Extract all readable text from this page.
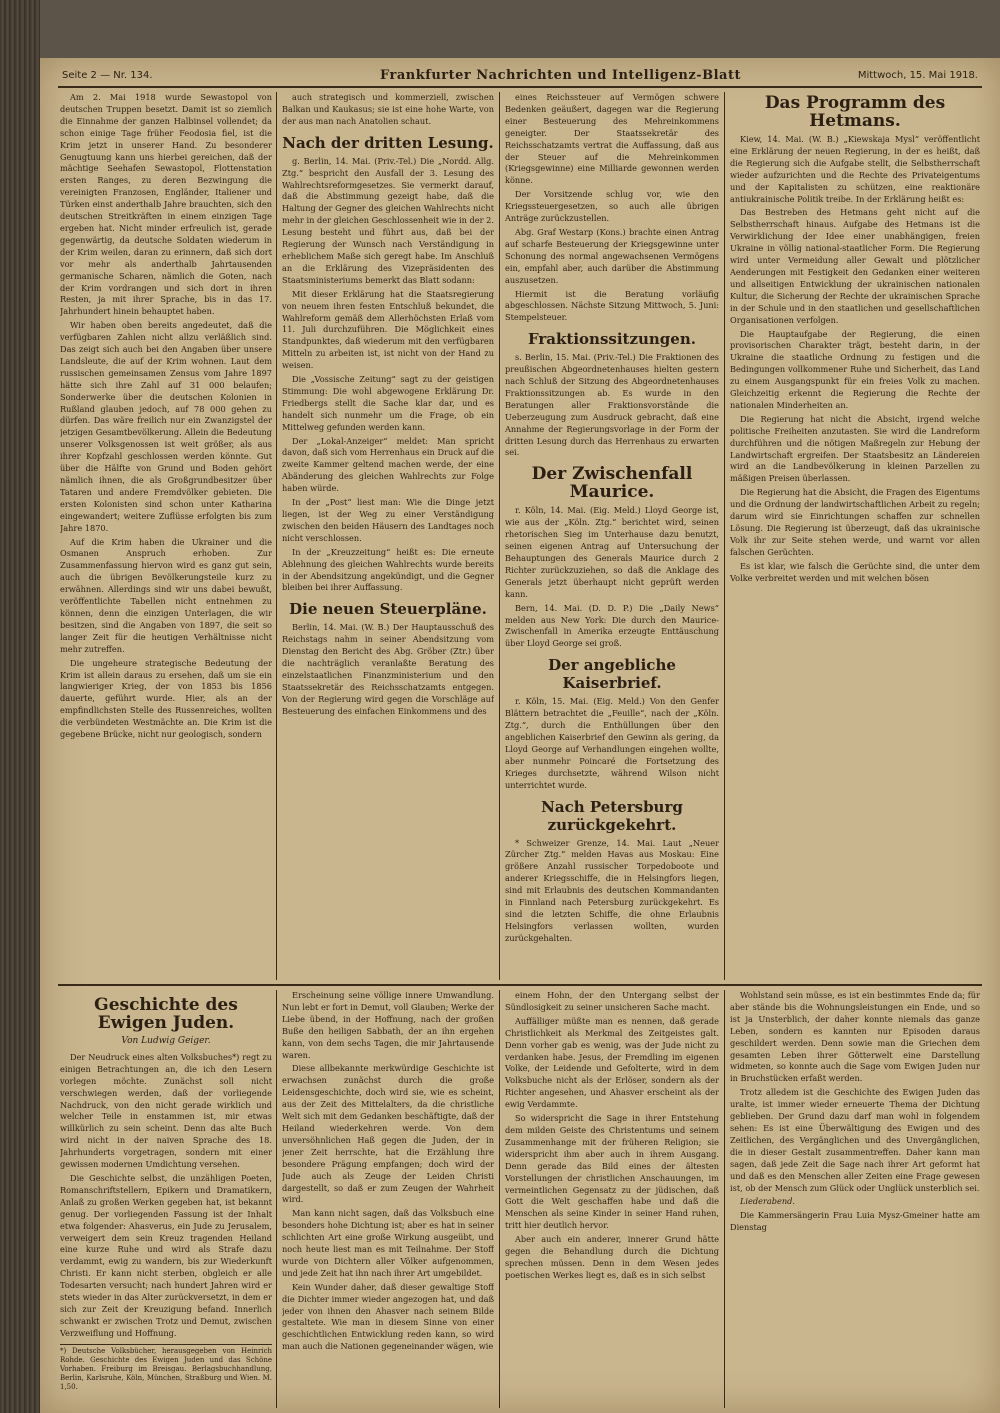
Seite 2 — Nr. 134.	Frankfurter Nachrichten und Intelligenz-Blatt	Mittwoch, 15. Mai 1918.

Am 2. Mai 1918 wurde Sewastopol von deutschen Truppen besetzt. Damit ist so ziemlich die Einnahme der ganzen Halbinsel vollendet; da schon einige Tage früher Feodosia fiel, ist die Krim jetzt in unserer Hand. Zu besonderer Genugtuung kann uns hierbei gereichen, daß der mächtige Seehafen Sewastopol, Flottenstation ersten Ranges, zu deren Bezwingung die vereinigten Franzosen, Engländer, Italiener und Türken einst anderthalb Jahre brauchten, sich den deutschen Streitkräften in einem einzigen Tage ergeben hat. Nicht minder erfreulich ist, gerade gegenwärtig, da deutsche Soldaten wiederum in der Krim weilen, daran zu erinnern, daß sich dort vor mehr als anderthalb Jahrtausenden germanische Scharen, nämlich die Goten, nach der Krim vordrangen und sich dort in ihren Resten, ja mit ihrer Sprache, bis in das 17. Jahrhundert hinein behauptet haben.

Wir haben oben bereits angedeutet, daß die verfügbaren Zahlen nicht allzu verläßlich sind. Das zeigt sich auch bei den Angaben über unsere Landsleute, die auf der Krim wohnen. Laut dem russischen gemeinsamen Zensus vom Jahre 1897 hätte sich ihre Zahl auf 31 000 belaufen; Sonderwerke über die deutschen Kolonien in Rußland glauben jedoch, auf 78 000 gehen zu dürfen. Das wäre freilich nur ein Zwanzigstel der jetzigen Gesamtbevölkerung. Allein die Bedeutung unserer Volksgenossen ist weit größer, als aus ihrer Kopfzahl geschlossen werden könnte. Gut über die Hälfte von Grund und Boden gehört nämlich ihnen, die als Großgrundbesitzer über Tataren und andere Fremdvölker gebieten. Die ersten Kolonisten sind schon unter Katharina eingewandert; weitere Zuflüsse erfolgten bis zum Jahre 1870.

Auf die Krim haben die Ukrainer und die Osmanen Anspruch erhoben. Zur Zusammenfassung hiervon wird es ganz gut sein, auch die übrigen Bevölkerungsteile kurz zu erwähnen. Allerdings sind wir uns dabei bewußt, veröffentlichte Tabellen nicht entnehmen zu können, denn die einzigen Unterlagen, die wir besitzen, sind die Angaben von 1897, die seit so langer Zeit für die heutigen Verhältnisse nicht mehr zutreffen.

Die ungeheure strategische Bedeutung der Krim ist allein daraus zu ersehen, daß um sie ein langwieriger Krieg, der von 1853 bis 1856 dauerte, geführt wurde. Hier, als an der empfindlichsten Stelle des Russenreiches, wollten die verbündeten Westmächte an. Die Krim ist die gegebene Brücke, nicht nur geologisch, sondern

auch strategisch und kommerziell, zwischen Balkan und Kaukasus; sie ist eine hohe Warte, von der aus man nach Anatolien schaut.

Nach der dritten Lesung.

g. Berlin, 14. Mai. (Priv.-Tel.) Die „Nordd. Allg. Ztg.“ bespricht den Ausfall der 3. Lesung des Wahlrechtsreformgesetzes. Sie vermerkt darauf, daß die Abstimmung gezeigt habe, daß die Haltung der Gegner des gleichen Wahlrechts nicht mehr in der gleichen Geschlossenheit wie in der 2. Lesung besteht und führt aus, daß bei der Regierung der Wunsch nach Verständigung in erheblichem Maße sich geregt habe. Im Anschluß an die Erklärung des Vizepräsidenten des Staatsministeriums bemerkt das Blatt sodann:

Mit dieser Erklärung hat die Staatsregierung von neuem ihren festen Entschluß bekundet, die Wahlreform gemäß dem Allerhöchsten Erlaß vom 11. Juli durchzuführen. Die Möglichkeit eines Standpunktes, daß wiederum mit den verfügbaren Mitteln zu arbeiten ist, ist nicht von der Hand zu weisen.

Die „Vossische Zeitung“ sagt zu der geistigen Stimmung: Die wohl abgewogene Erklärung Dr. Friedbergs stellt die Sache klar dar, und es handelt sich nunmehr um die Frage, ob ein Mittelweg gefunden werden kann.

Der „Lokal-Anzeiger“ meldet: Man spricht davon, daß sich vom Herrenhaus ein Druck auf die zweite Kammer geltend machen werde, der eine Abänderung des gleichen Wahlrechts zur Folge haben würde.

In der „Post“ liest man: Wie die Dinge jetzt liegen, ist der Weg zu einer Verständigung zwischen den beiden Häusern des Landtages noch nicht verschlossen.

In der „Kreuzzeitung“ heißt es: Die erneute Ablehnung des gleichen Wahlrechts wurde bereits in der Abendsitzung angekündigt, und die Gegner bleiben bei ihrer Auffassung.

Die neuen Steuerpläne.

Berlin, 14. Mai. (W. B.) Der Hauptausschuß des Reichstags nahm in seiner Abendsitzung vom Dienstag den Bericht des Abg. Gröber (Ztr.) über die nachträglich veranlaßte Beratung des einzelstaatlichen Finanzministerium und den Staatssekretär des Reichsschatzamts entgegen. Von der Regierung wird gegen die Vorschläge auf Besteuerung des einfachen Einkommens und des

eines Reichssteuer auf Vermögen schwere Bedenken geäußert, dagegen war die Regierung einer Besteuerung des Mehreinkommens geneigter. Der Staatssekretär des Reichsschatzamts vertrat die Auffassung, daß aus der Steuer auf die Mehreinkommen (Kriegsgewinne) eine Milliarde gewonnen werden könne.

Der Vorsitzende schlug vor, wie den Kriegssteuergesetzen, so auch alle übrigen Anträge zurückzustellen.

Abg. Graf Westarp (Kons.) brachte einen Antrag auf scharfe Besteuerung der Kriegsgewinne unter Schonung des normal angewachsenen Vermögens ein, empfahl aber, auch darüber die Abstimmung auszusetzen.

Hiermit ist die Beratung vorläufig abgeschlossen. Nächste Sitzung Mittwoch, 5. Juni: Stempelsteuer.

Fraktionssitzungen.

s. Berlin, 15. Mai. (Priv.-Tel.) Die Fraktionen des preußischen Abgeordnetenhauses hielten gestern nach Schluß der Sitzung des Abgeordnetenhauses Fraktionssitzungen ab. Es wurde in den Beratungen aller Fraktionsvorstände die Ueberzeugung zum Ausdruck gebracht, daß eine Annahme der Regierungsvorlage in der Form der dritten Lesung durch das Herrenhaus zu erwarten sei.

Der Zwischenfall Maurice.

r. Köln, 14. Mai. (Eig. Meld.) Lloyd George ist, wie aus der „Köln. Ztg.“ berichtet wird, seinen rhetorischen Sieg im Unterhause dazu benutzt, seinen eigenen Antrag auf Untersuchung der Behauptungen des Generals Maurice durch 2 Richter zurückzuziehen, so daß die Anklage des Generals jetzt überhaupt nicht geprüft werden kann.

Bern, 14. Mai. (D. D. P.) Die „Daily News“ melden aus New York: Die durch den Maurice-Zwischenfall in Amerika erzeugte Enttäuschung über Lloyd George sei groß.

Der angebliche Kaiserbrief.

r. Köln, 15. Mai. (Eig. Meld.) Von den Genfer Blättern betrachtet die „Feuille“, nach der „Köln. Ztg.“, durch die Enthüllungen über den angeblichen Kaiserbrief den Gewinn als gering, da Lloyd George auf Verhandlungen eingehen wollte, aber nunmehr Poincaré die Fortsetzung des Krieges durchsetzte, während Wilson nicht unterrichtet wurde.

Nach Petersburg zurückgekehrt.

* Schweizer Grenze, 14. Mai. Laut „Neuer Zürcher Ztg.“ melden Havas aus Moskau: Eine größere Anzahl russischer Torpedoboote und anderer Kriegsschiffe, die in Helsingfors liegen, sind mit Erlaubnis des deutschen Kommandanten in Finnland nach Petersburg zurückgekehrt. Es sind die letzten Schiffe, die ohne Erlaubnis Helsingfors verlassen wollten, wurden zurückgehalten.

Das Programm des Hetmans.

Kiew, 14. Mai. (W. B.) „Kiewskaja Mysl“ veröffentlicht eine Erklärung der neuen Regierung, in der es heißt, daß die Regierung sich die Aufgabe stellt, die Selbstherrschaft wieder aufzurichten und die Rechte des Privateigentums und der Kapitalisten zu schützen, eine reaktionäre antiukrainische Politik treibe. In der Erklärung heißt es:

Das Bestreben des Hetmans geht nicht auf die Selbstherrschaft hinaus. Aufgabe des Hetmans ist die Verwirklichung der Idee einer unabhängigen, freien Ukraine in völlig national-staatlicher Form. Die Regierung wird unter Vermeidung aller Gewalt und plötzlicher Aenderungen mit Festigkeit den Gedanken einer weiteren und allseitigen Entwicklung der ukrainischen nationalen Kultur, die Sicherung der Rechte der ukrainischen Sprache in der Schule und in den staatlichen und gesellschaftlichen Organisationen verfolgen.

Die Hauptaufgabe der Regierung, die einen provisorischen Charakter trägt, besteht darin, in der Ukraine die staatliche Ordnung zu festigen und die Bedingungen vollkommener Ruhe und Sicherheit, das Land zu einem Ausgangspunkt für ein freies Volk zu machen. Gleichzeitig erkennt die Regierung die Rechte der nationalen Minderheiten an.

Die Regierung hat nicht die Absicht, irgend welche politische Freiheiten anzutasten. Sie wird die Landreform durchführen und die nötigen Maßregeln zur Hebung der Landwirtschaft ergreifen. Der Staatsbesitz an Ländereien wird an die Landbevölkerung in kleinen Parzellen zu mäßigen Preisen überlassen.

Die Regierung hat die Absicht, die Fragen des Eigentums und die Ordnung der landwirtschaftlichen Arbeit zu regeln; darum wird sie Einrichtungen schaffen zur schnellen Lösung. Die Regierung ist überzeugt, daß das ukrainische Volk ihr zur Seite stehen werde, und warnt vor allen falschen Gerüchten.

Es ist klar, wie falsch die Gerüchte sind, die unter dem Volke verbreitet werden und mit welchen bösen

Geschichte des Ewigen Juden.
Von Ludwig Geiger.

Der Neudruck eines alten Volksbuches*) regt zu einigen Betrachtungen an, die ich den Lesern vorlegen möchte. Zunächst soll nicht verschwiegen werden, daß der vorliegende Nachdruck, von den nicht gerade wirklich und welcher Teile in enstammen ist, mir etwas willkürlich zu sein scheint. Denn das alte Buch wird nicht in der naiven Sprache des 18. Jahrhunderts vorgetragen, sondern mit einer gewissen modernen Umdichtung versehen.

Die Geschichte selbst, die unzähligen Poeten, Romanschriftstellern, Epikern und Dramatikern, Anlaß zu großen Werken gegeben hat, ist bekannt genug. Der vorliegenden Fassung ist der Inhalt etwa folgender: Ahasverus, ein Jude zu Jerusalem, verweigert dem sein Kreuz tragenden Heiland eine kurze Ruhe und wird als Strafe dazu verdammt, ewig zu wandern, bis zur Wiederkunft Christi. Er kann nicht sterben, obgleich er alle Todesarten versucht; nach hundert Jahren wird er stets wieder in das Alter zurückversetzt, in dem er sich zur Zeit der Kreuzigung befand. Innerlich schwankt er zwischen Trotz und Demut, zwischen Verzweiflung und Hoffnung.

*) Deutsche Volksbücher, herausgegeben von Heinrich Rohde. Geschichte des Ewigen Juden und das Schöne Vorhaben. Freiburg im Breisgau. Berlagsbuchhandlung, Berlin, Karlsruhe, Köln, München, Straßburg und Wien. M. 1,50.

Erscheinung seine völlige innere Umwandlung. Nun lebt er fort in Demut, voll Glauben; Werke der Liebe übend, in der Hoffnung, nach der großen Buße den heiligen Sabbath, der an ihn ergehen kann, von dem sechs Tagen, die mir Jahrtausende waren.

Diese allbekannte merkwürdige Geschichte ist erwachsen zunächst durch die große Leidensgeschichte, doch wird sie, wie es scheint, aus der Zeit des Mittelalters, da die christliche Welt sich mit dem Gedanken beschäftigte, daß der Heiland wiederkehren werde. Von dem unversöhnlichen Haß gegen die Juden, der in jener Zeit herrschte, hat die Erzählung ihre besondere Prägung empfangen; doch wird der Jude auch als Zeuge der Leiden Christi dargestellt, so daß er zum Zeugen der Wahrheit wird.

Man kann nicht sagen, daß das Volksbuch eine besonders hohe Dichtung ist; aber es hat in seiner schlichten Art eine große Wirkung ausgeübt, und noch heute liest man es mit Teilnahme. Der Stoff wurde von Dichtern aller Völker aufgenommen, und jede Zeit hat ihn nach ihrer Art umgebildet.

Kein Wunder daher, daß dieser gewaltige Stoff die Dichter immer wieder angezogen hat, und daß jeder von ihnen den Ahasver nach seinem Bilde gestaltete. Wie man in diesem Sinne von einer geschichtlichen Entwicklung reden kann, so wird man auch die Nationen gegeneinander wägen, wie

einem Hohn, der den Untergang selbst der Sündlosigkeit zu seiner unsicheren Sache macht.

Auffälliger müßte man es nennen, daß gerade Christlichkeit als Merkmal des Zeitgeistes galt. Denn vorher gab es wenig, was der Jude nicht zu verdanken habe. Jesus, der Fremdling im eigenen Volke, der Leidende und Gefolterte, wird in dem Volksbuche nicht als der Erlöser, sondern als der Richter angesehen, und Ahasver erscheint als der ewig Verdammte.

So widerspricht die Sage in ihrer Entstehung dem milden Geiste des Christentums und seinem Zusammenhange mit der früheren Religion; sie widerspricht ihm aber auch in ihrem Ausgang. Denn gerade das Bild eines der ältesten Vorstellungen der christlichen Anschauungen, im vermeintlichen Gegensatz zu der jüdischen, daß Gott die Welt geschaffen habe und daß die Menschen als seine Kinder in seiner Hand ruhen, tritt hier deutlich hervor.

Aber auch ein anderer, innerer Grund hätte gegen die Behandlung durch die Dichtung sprechen müssen. Denn in dem Wesen jedes poetischen Werkes liegt es, daß es in sich selbst

Wohlstand sein müsse, es ist ein bestimmtes Ende da; für aber stände bis die Wohnungsleistungen ein Ende, und so ist ja Unsterblich, der daher konnte niemals das ganze Leben, sondern es kannten nur Episoden daraus geschildert werden. Denn sowie man die Griechen dem gesamten Leben ihrer Götterwelt eine Darstellung widmeten, so konnte auch die Sage vom Ewigen Juden nur in Bruchstücken erfaßt werden.

Trotz alledem ist die Geschichte des Ewigen Juden das uralte, ist immer wieder erneuerte Thema der Dichtung geblieben. Der Grund dazu darf man wohl in folgendem sehen: Es ist eine Überwältigung des Ewigen und des Zeitlichen, des Vergänglichen und des Unvergänglichen, die in dieser Gestalt zusammentreffen. Daher kann man sagen, daß jede Zeit die Sage nach ihrer Art geformt hat und daß es den Menschen aller Zeiten eine Frage gewesen ist, ob der Mensch zum Glück oder Unglück unsterblich sei.

Liederabend.

Die Kammersängerin Frau Luia Mysz-Gmeiner hatte am Dienstag
